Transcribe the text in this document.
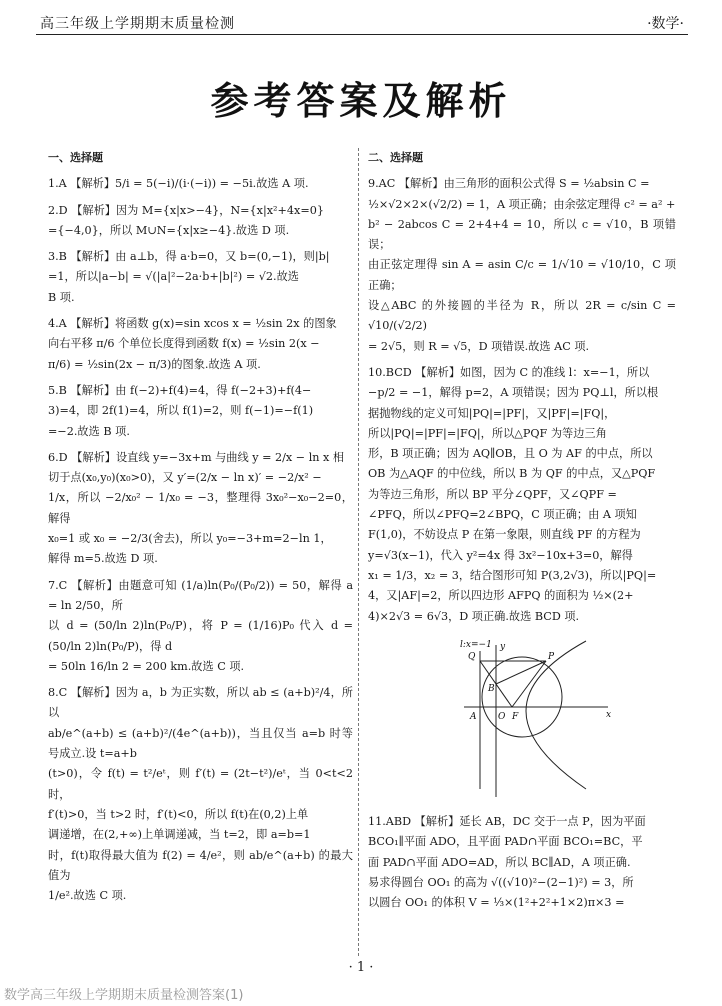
高三年级上学期期末质量检测	·数学·
参考答案及解析
一、选择题

1.A 【解析】5/i = 5(−i)/(i·(−i)) = −5i.故选 A 项.

2.D 【解析】因为 M={x|x>−4}，N={x|x²+4x=0}

={−4,0}，所以 M∪N={x|x≥−4}.故选 D 项.

3.B 【解析】由 a⊥b，得 a·b=0，又 b=(0,−1)，则|b|

=1，所以|a−b| = √(|a|²−2a·b+|b|²) = √2.故选

B 项.

4.A 【解析】将函数 g(x)=sin xcos x = ½sin 2x 的图象

向右平移 π/6 个单位长度得到函数 f(x) = ½sin 2(x −

π/6) = ½sin(2x − π/3)的图象.故选 A 项.

5.B 【解析】由 f(−2)+f(4)=4，得 f(−2+3)+f(4−

3)=4，即 2f(1)=4，所以 f(1)=2，则 f(−1)=−f(1)

=−2.故选 B 项.

6.D 【解析】设直线 y=−3x+m 与曲线 y = 2/x − ln x 相

切于点(x₀,y₀)(x₀>0)，又 y′=(2/x − ln x)′ = −2/x² −

1/x，所以 −2/x₀² − 1/x₀ = −3，整理得 3x₀²−x₀−2=0，解得

x₀=1 或 x₀ = −2/3(舍去)，所以 y₀=−3+m=2−ln 1，

解得 m=5.故选 D 项.

7.C 【解析】由题意可知 (1/a)ln(P₀/(P₀/2)) = 50，解得 a = ln 2/50，所

以 d = (50/ln 2)ln(P₀/P)，将 P = (1/16)P₀ 代入 d = (50/ln 2)ln(P₀/P)，得 d

= 50ln 16/ln 2 = 200 km.故选 C 项.

8.C 【解析】因为 a，b 为正实数，所以 ab ≤ (a+b)²/4，所以

ab/e^(a+b) ≤ (a+b)²/(4e^(a+b))，当且仅当 a=b 时等号成立.设 t=a+b

(t>0)，令 f(t) = t²/eᵗ，则 f′(t) = (2t−t²)/eᵗ，当 0<t<2 时，

f′(t)>0，当 t>2 时，f′(t)<0，所以 f(t)在(0,2)上单

调递增，在(2,+∞)上单调递减，当 t=2，即 a=b=1

时，f(t)取得最大值为 f(2) = 4/e²，则 ab/e^(a+b) 的最大值为

1/e².故选 C 项.

二、选择题

9.AC 【解析】由三角形的面积公式得 S = ½absin C =

½×√2×2×(√2/2) = 1，A 项正确；由余弦定理得 c² = a² +

b² − 2abcos C = 2+4+4 = 10，所以 c = √10，B 项错误；

由正弦定理得 sin A = asin C/c = 1/√10 = √10/10，C 项正确；

设△ABC 的外接圆的半径为 R，所以 2R = c/sin C = √10/(√2/2)

= 2√5，则 R = √5，D 项错误.故选 AC 项.

10.BCD 【解析】如图，因为 C 的准线 l：x=−1，所以

−p/2 = −1，解得 p=2，A 项错误；因为 PQ⊥l，所以根

据抛物线的定义可知|PQ|=|PF|，又|PF|=|FQ|，

所以|PQ|=|PF|=|FQ|，所以△PQF 为等边三角

形，B 项正确；因为 AQ∥OB，且 O 为 AF 的中点，所以

OB 为△AQF 的中位线，所以 B 为 QF 的中点，又△PQF

为等边三角形，所以 BP 平分∠QPF，又∠QPF =

∠PFQ，所以∠PFQ=2∠BPQ，C 项正确；由 A 项知

F(1,0)，不妨设点 P 在第一象限，则直线 PF 的方程为

y=√3(x−1)，代入 y²=4x 得 3x²−10x+3=0，解得

x₁ = 1/3，x₂ = 3，结合图形可知 P(3,2√3)，所以|PQ|=

4，又|AF|=2，所以四边形 AFPQ 的面积为 ½×(2+

4)×2√3 = 6√3，D 项正确.故选 BCD 项.

l:x=−1 y
x
Q	P
B
A O F

11.ABD 【解析】延长 AB，DC 交于一点 P，因为平面

BCO₁∥平面 ADO，且平面 PAD∩平面 BCO₁=BC，平

面 PAD∩平面 ADO=AD，所以 BC∥AD，A 项正确.

易求得圆台 OO₁ 的高为 √((√10)²−(2−1)²) = 3，所

以圆台 OO₁ 的体积 V = ⅓×(1²+2²+1×2)π×3 =

· 1 ·
数学高三年级上学期期末质量检测答案(1)
